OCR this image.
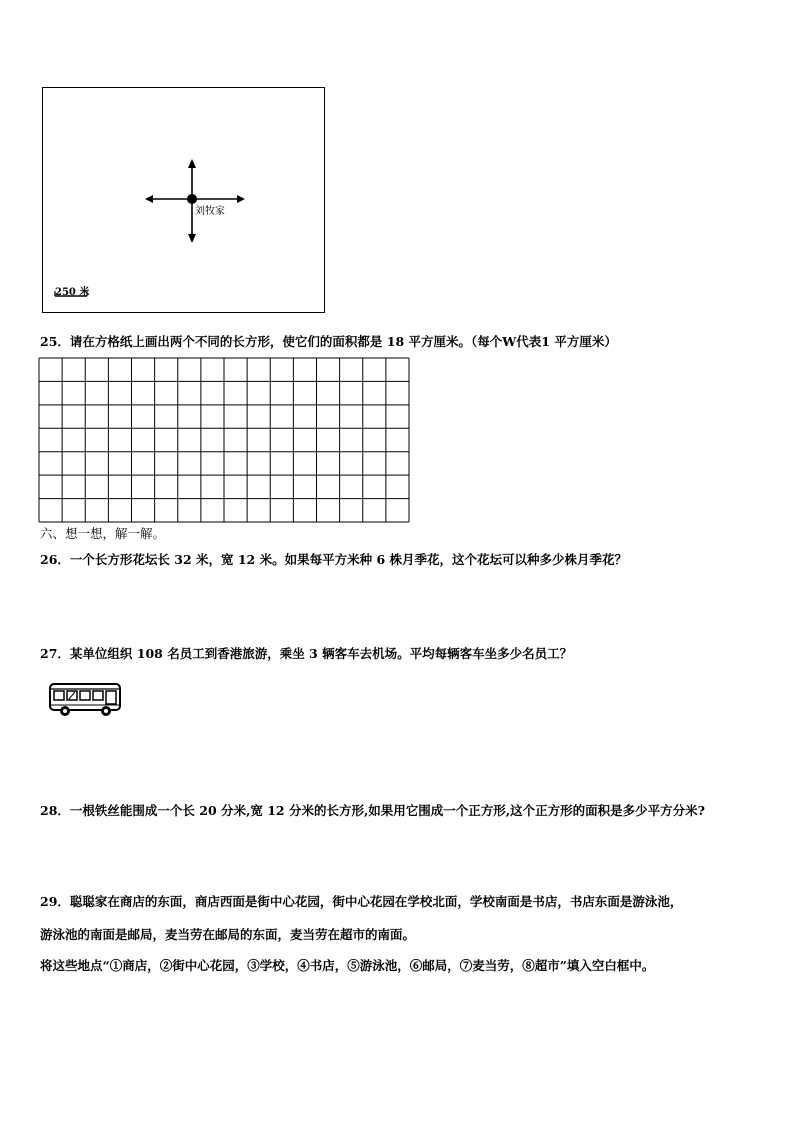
刘牧家
250 米
25．请在方格纸上画出两个不同的长方形，使它们的面积都是 18 平方厘米。（每个W代表1 平方厘米）
六、想一想，解一解。
26．一个长方形花坛长 32 米，宽 12 米。如果每平方米种 6 株月季花，这个花坛可以种多少株月季花？
27．某单位组织 108 名员工到香港旅游，乘坐 3 辆客车去机场。平均每辆客车坐多少名员工？
28．一根铁丝能围成一个长 20 分米,宽 12 分米的长方形,如果用它围成一个正方形,这个正方形的面积是多少平方分米?
29．聪聪家在商店的东面，商店西面是街中心花园，街中心花园在学校北面，学校南面是书店，书店东面是游泳池，
游泳池的南面是邮局，麦当劳在邮局的东面，麦当劳在超市的南面。
将这些地点“①商店，②街中心花园，③学校，④书店，⑤游泳池，⑥邮局，⑦麦当劳，⑧超市”填入空白框中。
